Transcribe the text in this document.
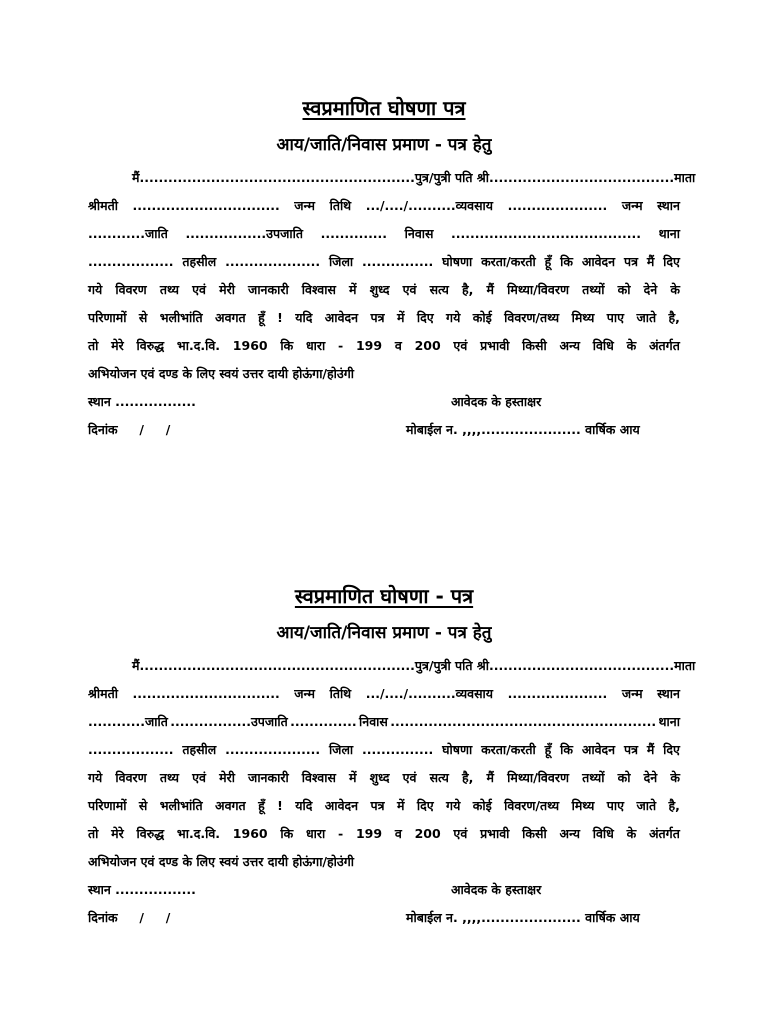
स्वप्रमाणित घोषणा पत्र
आय/जाति/निवास प्रमाण - पत्र हेतु
मैं .......................................................... पुत्र/पुत्री पति श्री ....................................... माता
श्रीमती ............................... जन्म तिथि .../..../..........व्यवसाय ..................... जन्म स्थान
............जाति .................उपजाति .............. निवास ........................................ थाना
.................. तहसील .................... जिला ............... घोषणा करता/करती हूँ कि आवेदन पत्र मैं दिए
गये विवरण तथ्य एवं मेरी जानकारी विश्वास में शुध्द एवं सत्य है, मैं मिथ्या/विवरण तथ्यों को देने के
परिणामों से भलीभांति अवगत हूँ ! यदि आवेदन पत्र में दिए गये कोई विवरण/तथ्य मिथ्य पाए जाते है,
तो मेरे विरुद्ध भा.द.वि. 1960 कि धारा - 199 व 200 एवं प्रभावी किसी अन्य विधि के अंतर्गत
अभियोजन एवं दण्ड के लिए स्वयं उत्तर दायी होऊंगा/होउंगी
स्थान .................	आवेदक के हस्ताक्षर
दिनांक     /     /	मोबाईल न. ,,,,..................... वार्षिक आय
स्वप्रमाणित घोषणा - पत्र
आय/जाति/निवास प्रमाण - पत्र हेतु
मैं .......................................................... पुत्र/पुत्री पति श्री ....................................... माता
श्रीमती ............................... जन्म तिथि .../..../..........व्यवसाय ..................... जन्म स्थान
............जाति .................उपजाति .............. निवास ........................................................ थाना
.................. तहसील .................... जिला ............... घोषणा करता/करती हूँ कि आवेदन पत्र मैं दिए
गये विवरण तथ्य एवं मेरी जानकारी विश्वास में शुध्द एवं सत्य है, मैं मिथ्या/विवरण तथ्यों को देने के
परिणामों से भलीभांति अवगत हूँ ! यदि आवेदन पत्र में दिए गये कोई विवरण/तथ्य मिथ्य पाए जाते है,
तो मेरे विरुद्ध भा.द.वि. 1960 कि धारा - 199 व 200 एवं प्रभावी किसी अन्य विधि के अंतर्गत
अभियोजन एवं दण्ड के लिए स्वयं उत्तर दायी होऊंगा/होउंगी
स्थान .................	आवेदक के हस्ताक्षर
दिनांक     /     /	मोबाईल न. ,,,,..................... वार्षिक आय
